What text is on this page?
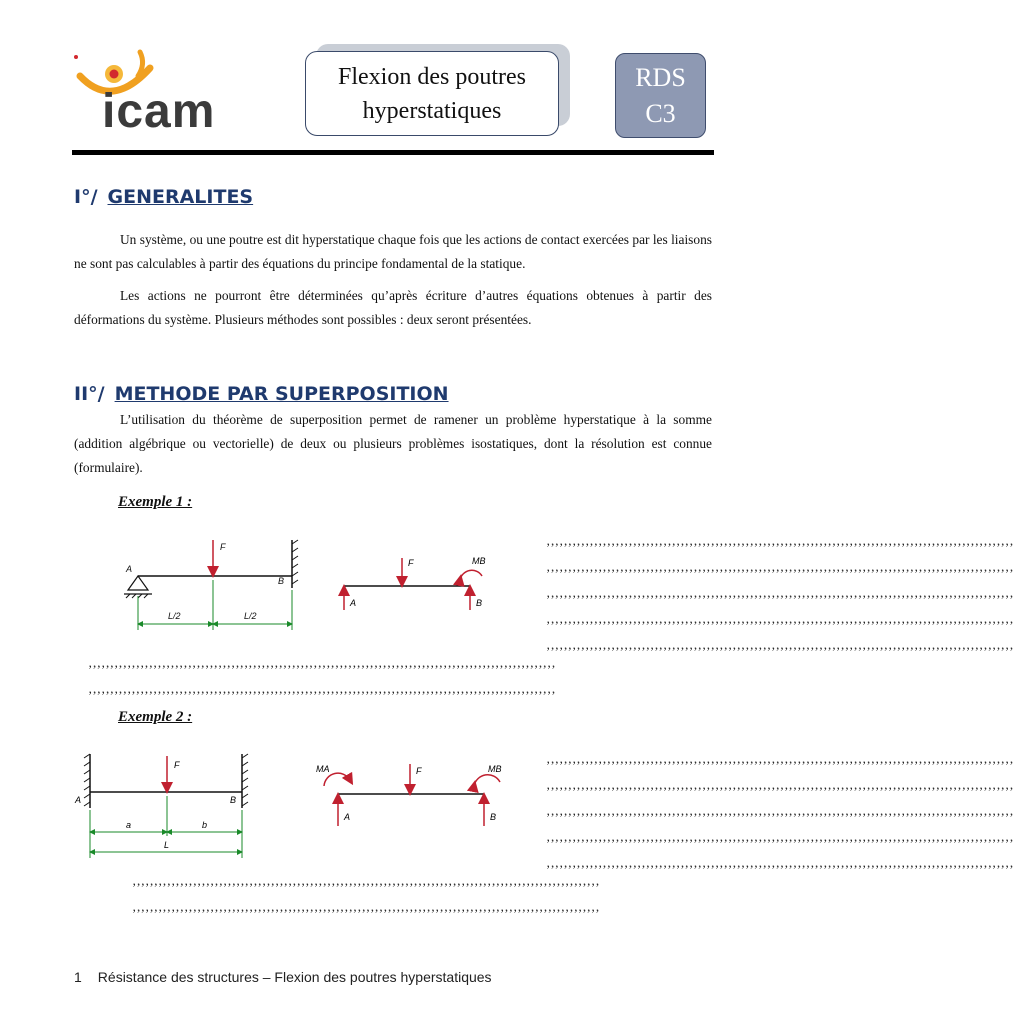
icam
Flexion des poutres
hyperstatiques
RDS
C3
I°/ GENERALITES
Un système, ou une poutre est dit hyperstatique chaque fois que les actions de contact exercées par les liaisons ne sont pas calculables à partir des équations du principe fondamental de la statique.
Les actions ne pourront être déterminées qu’après écriture d’autres équations obtenues à partir des déformations du système. Plusieurs méthodes sont possibles : deux seront présentées.
II°/ METHODE PAR SUPERPOSITION
L’utilisation du théorème de superposition permet de ramener un problème hyperstatique à la somme (addition algébrique ou vectorielle) de deux ou plusieurs problèmes isostatiques, dont la résolution est connue (formulaire).
Exemple 1 :
F
A
B
L/2	L/2
F
A	B
MB
‚‚‚‚‚‚‚‚‚‚‚‚‚‚‚‚‚‚‚‚‚‚‚‚‚‚‚‚‚‚‚‚‚‚‚‚‚‚‚‚‚‚‚‚‚‚‚‚‚‚‚‚‚‚‚‚‚‚‚‚‚‚‚‚‚‚‚‚‚‚‚‚‚‚‚‚‚‚‚‚‚‚‚‚‚‚‚‚‚‚‚‚‚‚‚‚‚‚‚‚‚‚‚‚‚‚‚‚
‚‚‚‚‚‚‚‚‚‚‚‚‚‚‚‚‚‚‚‚‚‚‚‚‚‚‚‚‚‚‚‚‚‚‚‚‚‚‚‚‚‚‚‚‚‚‚‚‚‚‚‚‚‚‚‚‚‚‚‚‚‚‚‚‚‚‚‚‚‚‚‚‚‚‚‚‚‚‚‚‚‚‚‚‚‚‚‚‚‚‚‚‚‚‚‚‚‚‚‚‚‚‚‚‚‚‚‚
‚‚‚‚‚‚‚‚‚‚‚‚‚‚‚‚‚‚‚‚‚‚‚‚‚‚‚‚‚‚‚‚‚‚‚‚‚‚‚‚‚‚‚‚‚‚‚‚‚‚‚‚‚‚‚‚‚‚‚‚‚‚‚‚‚‚‚‚‚‚‚‚‚‚‚‚‚‚‚‚‚‚‚‚‚‚‚‚‚‚‚‚‚‚‚‚‚‚‚‚‚‚‚‚‚‚‚‚
‚‚‚‚‚‚‚‚‚‚‚‚‚‚‚‚‚‚‚‚‚‚‚‚‚‚‚‚‚‚‚‚‚‚‚‚‚‚‚‚‚‚‚‚‚‚‚‚‚‚‚‚‚‚‚‚‚‚‚‚‚‚‚‚‚‚‚‚‚‚‚‚‚‚‚‚‚‚‚‚‚‚‚‚‚‚‚‚‚‚‚‚‚‚‚‚‚‚‚‚‚‚‚‚‚‚‚‚
‚‚‚‚‚‚‚‚‚‚‚‚‚‚‚‚‚‚‚‚‚‚‚‚‚‚‚‚‚‚‚‚‚‚‚‚‚‚‚‚‚‚‚‚‚‚‚‚‚‚‚‚‚‚‚‚‚‚‚‚‚‚‚‚‚‚‚‚‚‚‚‚‚‚‚‚‚‚‚‚‚‚‚‚‚‚‚‚‚‚‚‚‚‚‚‚‚‚‚‚‚‚‚‚‚‚‚‚
‚‚‚‚‚‚‚‚‚‚‚‚‚‚‚‚‚‚‚‚‚‚‚‚‚‚‚‚‚‚‚‚‚‚‚‚‚‚‚‚‚‚‚‚‚‚‚‚‚‚‚‚‚‚‚‚‚‚‚‚‚‚‚‚‚‚‚‚‚‚‚‚‚‚‚‚‚‚‚‚‚‚‚‚‚‚‚‚‚‚‚‚‚‚‚‚‚‚‚‚‚‚‚‚‚‚‚‚
‚‚‚‚‚‚‚‚‚‚‚‚‚‚‚‚‚‚‚‚‚‚‚‚‚‚‚‚‚‚‚‚‚‚‚‚‚‚‚‚‚‚‚‚‚‚‚‚‚‚‚‚‚‚‚‚‚‚‚‚‚‚‚‚‚‚‚‚‚‚‚‚‚‚‚‚‚‚‚‚‚‚‚‚‚‚‚‚‚‚‚‚‚‚‚‚‚‚‚‚‚‚‚‚‚‚‚‚
Exemple 2 :
F
A	B
a	b
L
F
A	B
MA	MB
‚‚‚‚‚‚‚‚‚‚‚‚‚‚‚‚‚‚‚‚‚‚‚‚‚‚‚‚‚‚‚‚‚‚‚‚‚‚‚‚‚‚‚‚‚‚‚‚‚‚‚‚‚‚‚‚‚‚‚‚‚‚‚‚‚‚‚‚‚‚‚‚‚‚‚‚‚‚‚‚‚‚‚‚‚‚‚‚‚‚‚‚‚‚‚‚‚‚‚‚‚‚‚‚‚‚‚‚
‚‚‚‚‚‚‚‚‚‚‚‚‚‚‚‚‚‚‚‚‚‚‚‚‚‚‚‚‚‚‚‚‚‚‚‚‚‚‚‚‚‚‚‚‚‚‚‚‚‚‚‚‚‚‚‚‚‚‚‚‚‚‚‚‚‚‚‚‚‚‚‚‚‚‚‚‚‚‚‚‚‚‚‚‚‚‚‚‚‚‚‚‚‚‚‚‚‚‚‚‚‚‚‚‚‚‚‚
‚‚‚‚‚‚‚‚‚‚‚‚‚‚‚‚‚‚‚‚‚‚‚‚‚‚‚‚‚‚‚‚‚‚‚‚‚‚‚‚‚‚‚‚‚‚‚‚‚‚‚‚‚‚‚‚‚‚‚‚‚‚‚‚‚‚‚‚‚‚‚‚‚‚‚‚‚‚‚‚‚‚‚‚‚‚‚‚‚‚‚‚‚‚‚‚‚‚‚‚‚‚‚‚‚‚‚‚
‚‚‚‚‚‚‚‚‚‚‚‚‚‚‚‚‚‚‚‚‚‚‚‚‚‚‚‚‚‚‚‚‚‚‚‚‚‚‚‚‚‚‚‚‚‚‚‚‚‚‚‚‚‚‚‚‚‚‚‚‚‚‚‚‚‚‚‚‚‚‚‚‚‚‚‚‚‚‚‚‚‚‚‚‚‚‚‚‚‚‚‚‚‚‚‚‚‚‚‚‚‚‚‚‚‚‚‚
‚‚‚‚‚‚‚‚‚‚‚‚‚‚‚‚‚‚‚‚‚‚‚‚‚‚‚‚‚‚‚‚‚‚‚‚‚‚‚‚‚‚‚‚‚‚‚‚‚‚‚‚‚‚‚‚‚‚‚‚‚‚‚‚‚‚‚‚‚‚‚‚‚‚‚‚‚‚‚‚‚‚‚‚‚‚‚‚‚‚‚‚‚‚‚‚‚‚‚‚‚‚‚‚‚‚‚‚
‚‚‚‚‚‚‚‚‚‚‚‚‚‚‚‚‚‚‚‚‚‚‚‚‚‚‚‚‚‚‚‚‚‚‚‚‚‚‚‚‚‚‚‚‚‚‚‚‚‚‚‚‚‚‚‚‚‚‚‚‚‚‚‚‚‚‚‚‚‚‚‚‚‚‚‚‚‚‚‚‚‚‚‚‚‚‚‚‚‚‚‚‚‚‚‚‚‚‚‚‚‚‚‚‚‚‚‚
‚‚‚‚‚‚‚‚‚‚‚‚‚‚‚‚‚‚‚‚‚‚‚‚‚‚‚‚‚‚‚‚‚‚‚‚‚‚‚‚‚‚‚‚‚‚‚‚‚‚‚‚‚‚‚‚‚‚‚‚‚‚‚‚‚‚‚‚‚‚‚‚‚‚‚‚‚‚‚‚‚‚‚‚‚‚‚‚‚‚‚‚‚‚‚‚‚‚‚‚‚‚‚‚‚‚‚‚
1 Résistance des structures – Flexion des poutres hyperstatiques
